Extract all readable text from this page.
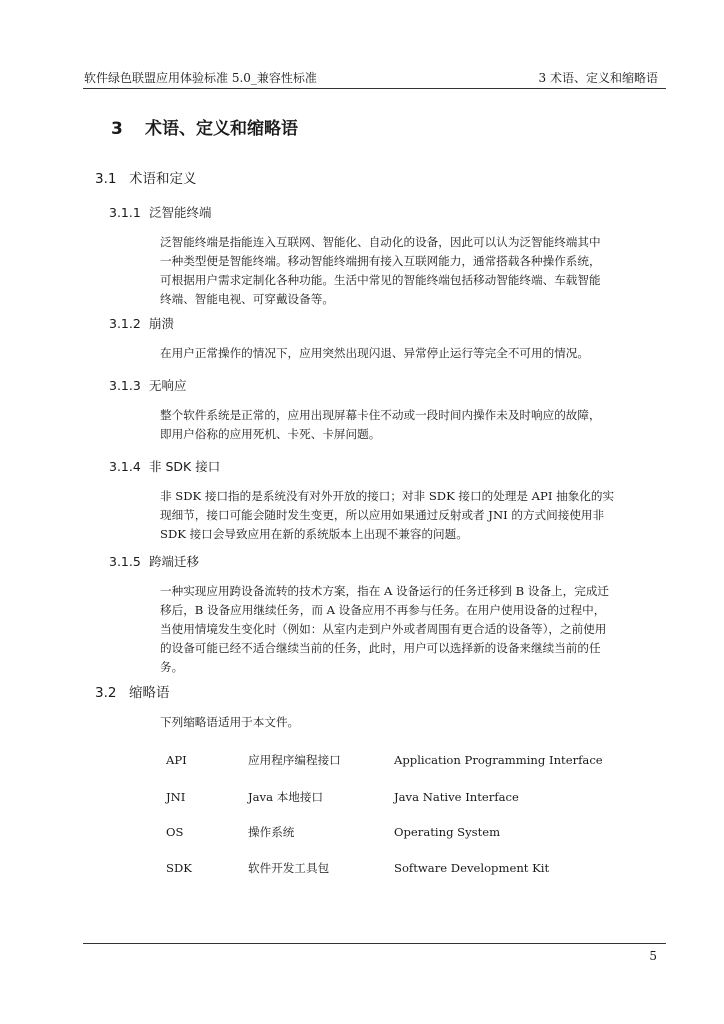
软件绿色联盟应用体验标准 5.0_兼容性标准	3 术语、定义和缩略语
3 术语、定义和缩略语
3.1 术语和定义
3.1.1 泛智能终端
泛智能终端是指能连入互联网、智能化、自动化的设备，因此可以认为泛智能终端其中
一种类型便是智能终端。移动智能终端拥有接入互联网能力，通常搭载各种操作系统，
可根据用户需求定制化各种功能。生活中常见的智能终端包括移动智能终端、车载智能
终端、智能电视、可穿戴设备等。
3.1.2 崩溃
在用户正常操作的情况下，应用突然出现闪退、异常停止运行等完全不可用的情况。
3.1.3 无响应
整个软件系统是正常的，应用出现屏幕卡住不动或一段时间内操作未及时响应的故障，
即用户俗称的应用死机、卡死、卡屏问题。
3.1.4 非 SDK 接口
非 SDK 接口指的是系统没有对外开放的接口；对非 SDK 接口的处理是 API 抽象化的实
现细节，接口可能会随时发生变更，所以应用如果通过反射或者 JNI 的方式间接使用非
SDK 接口会导致应用在新的系统版本上出现不兼容的问题。
3.1.5 跨端迁移
一种实现应用跨设备流转的技术方案，指在 A 设备运行的任务迁移到 B 设备上，完成迁
移后，B 设备应用继续任务，而 A 设备应用不再参与任务。在用户使用设备的过程中，
当使用情境发生变化时（例如：从室内走到户外或者周围有更合适的设备等），之前使用
的设备可能已经不适合继续当前的任务，此时，用户可以选择新的设备来继续当前的任
务。
3.2 缩略语
下列缩略语适用于本文件。
API	应用程序编程接口	Application Programming Interface
JNI	Java 本地接口	Java Native Interface
OS	操作系统	Operating System
SDK	软件开发工具包	Software Development Kit
5
